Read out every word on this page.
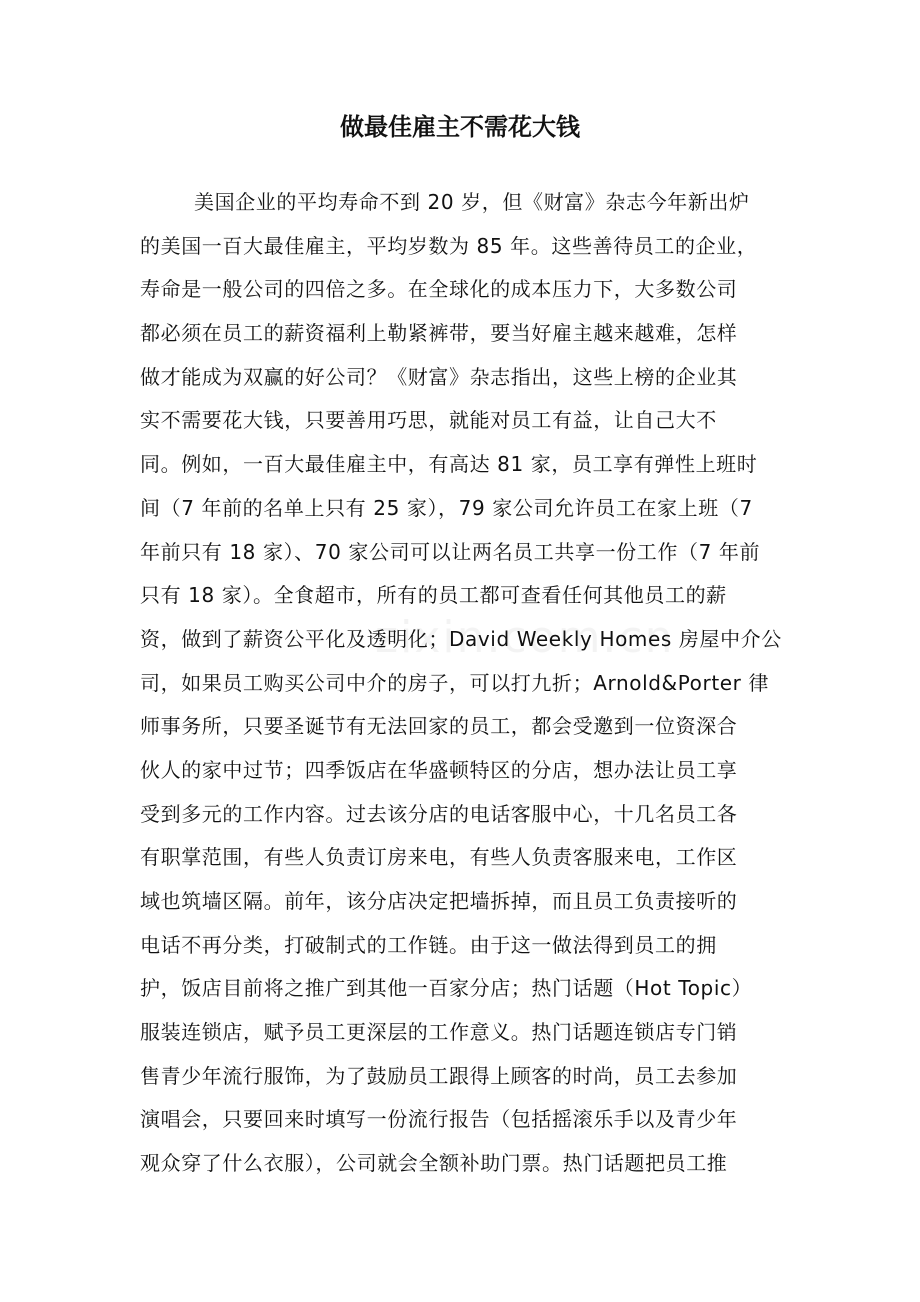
做最佳雇主不需花大钱
美国企业的平均寿命不到 20 岁，但《财富》杂志今年新出炉
的美国一百大最佳雇主，平均岁数为 85 年。这些善待员工的企业，
寿命是一般公司的四倍之多。在全球化的成本压力下，大多数公司
都必须在员工的薪资福利上勒紧裤带，要当好雇主越来越难，怎样
做才能成为双赢的好公司？《财富》杂志指出，这些上榜的企业其
实不需要花大钱，只要善用巧思，就能对员工有益，让自己大不
同。例如，一百大最佳雇主中，有高达 81 家，员工享有弹性上班时
间（7 年前的名单上只有 25 家），79 家公司允许员工在家上班（7
年前只有 18 家）、70 家公司可以让两名员工共享一份工作（7 年前
只有 18 家）。全食超市，所有的员工都可查看任何其他员工的薪
资，做到了薪资公平化及透明化；David Weekly Homes 房屋中介公
司，如果员工购买公司中介的房子，可以打九折；Arnold&Porter 律
师事务所，只要圣诞节有无法回家的员工，都会受邀到一位资深合
伙人的家中过节；四季饭店在华盛顿特区的分店，想办法让员工享
受到多元的工作内容。过去该分店的电话客服中心，十几名员工各
有职掌范围，有些人负责订房来电，有些人负责客服来电，工作区
域也筑墙区隔。前年，该分店决定把墙拆掉，而且员工负责接听的
电话不再分类，打破制式的工作链。由于这一做法得到员工的拥
护，饭店目前将之推广到其他一百家分店；热门话题（Hot Topic）
服装连锁店，赋予员工更深层的工作意义。热门话题连锁店专门销
售青少年流行服饰，为了鼓励员工跟得上顾客的时尚，员工去参加
演唱会，只要回来时填写一份流行报告（包括摇滚乐手以及青少年
观众穿了什么衣服），公司就会全额补助门票。热门话题把员工推
